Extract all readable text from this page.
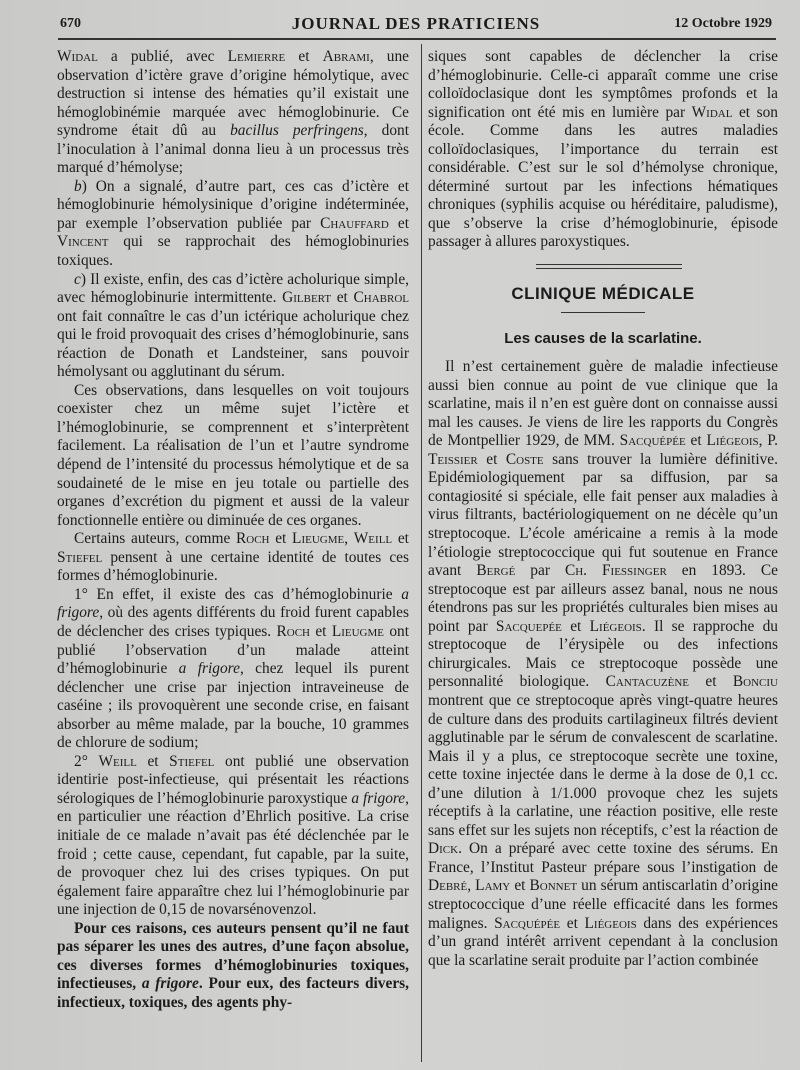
670	JOURNAL DES PRATICIENS	12 Octobre 1929

Widal a publié, avec Lemierre et Abrami, une observation d’ictère grave d’origine hémolytique, avec destruction si intense des hématies qu’il existait une hémoglobinémie marquée avec hémoglobinurie. Ce syndrome était dû au bacillus perfringens, dont l’inoculation à l’animal donna lieu à un processus très marqué d’hémolyse;

b) On a signalé, d’autre part, ces cas d’ictère et hémoglobinurie hémolysinique d’origine indéterminée, par exemple l’observation publiée par Chauffard et Vincent qui se rapprochait des hémoglobinuries toxiques.

c) Il existe, enfin, des cas d’ictère acholurique simple, avec hémoglobinurie intermittente. Gilbert et Chabrol ont fait connaître le cas d’un ictérique acholurique chez qui le froid provoquait des crises d’hémoglobinurie, sans réaction de Donath et Landsteiner, sans pouvoir hémolysant ou agglutinant du sérum.

Ces observations, dans lesquelles on voit toujours coexister chez un même sujet l’ictère et l’hémoglobinurie, se comprennent et s’interprètent facilement. La réalisation de l’un et l’autre syndrome dépend de l’intensité du processus hémolytique et de sa soudaineté de le mise en jeu totale ou partielle des organes d’excrétion du pigment et aussi de la valeur fonctionnelle entière ou diminuée de ces organes.

Certains auteurs, comme Roch et Lieugme, Weill et Stiefel pensent à une certaine identité de toutes ces formes d’hémoglobinurie.

1° En effet, il existe des cas d’hémoglobinurie a frigore, où des agents différents du froid furent capables de déclencher des crises typiques. Roch et Lieugme ont publié l’observation d’un malade atteint d’hémoglobinurie a frigore, chez lequel ils purent déclencher une crise par injection intraveineuse de caséine ; ils provoquèrent une seconde crise, en faisant absorber au même malade, par la bouche, 10 grammes de chlorure de sodium;

2° Weill et Stiefel ont publié une observation identirie post-infectieuse, qui présentait les réactions sérologiques de l’hémoglobinurie paroxystique a frigore, en particulier une réaction d’Ehrlich positive. La crise initiale de ce malade n’avait pas été déclenchée par le froid ; cette cause, cependant, fut capable, par la suite, de provoquer chez lui des crises typiques. On put également faire apparaître chez lui l’hémoglobinurie par une injection de 0,15 de novarsénovenzol.

Pour ces raisons, ces auteurs pensent qu’il ne faut pas séparer les unes des autres, d’une façon absolue, ces diverses formes d’hémoglobinuries toxiques, infectieuses, a frigore. Pour eux, des facteurs divers, infectieux, toxiques, des agents phy-

siques sont capables de déclencher la crise d’hémoglobinurie. Celle-ci apparaît comme une crise colloïdoclasique dont les symptômes profonds et la signification ont été mis en lumière par Widal et son école. Comme dans les autres maladies colloïdoclasiques, l’importance du terrain est considérable. C’est sur le sol d’hémolyse chronique, déterminé surtout par les infections hématiques chroniques (syphilis acquise ou héréditaire, paludisme), que s’observe la crise d’hémoglobinurie, épisode passager à allures paroxystiques.

CLINIQUE MÉDICALE
Les causes de la scarlatine.

Il n’est certainement guère de maladie infectieuse aussi bien connue au point de vue clinique que la scarlatine, mais il n’en est guère dont on connaisse aussi mal les causes. Je viens de lire les rapports du Congrès de Montpellier 1929, de MM. Sacquépée et Liégeois, P. Teissier et Coste sans trouver la lumière définitive. Epidémiologiquement par sa diffusion, par sa contagiosité si spéciale, elle fait penser aux maladies à virus filtrants, bactériologiquement on ne décèle qu’un streptocoque. L’école américaine a remis à la mode l’étiologie streptococcique qui fut soutenue en France avant Bergé par Ch. Fiessinger en 1893. Ce streptocoque est par ailleurs assez banal, nous ne nous étendrons pas sur les propriétés culturales bien mises au point par Sacquepée et Liégeois. Il se rapproche du streptocoque de l’érysipèle ou des infections chirurgicales. Mais ce streptocoque possède une personnalité biologique. Cantacuzène et Bonciu montrent que ce streptocoque après vingt-quatre heures de culture dans des produits cartilagineux filtrés devient agglutinable par le sérum de convalescent de scarlatine. Mais il y a plus, ce streptocoque secrète une toxine, cette toxine injectée dans le derme à la dose de 0,1 cc. d’une dilution à 1/1.000 provoque chez les sujets réceptifs à la carlatine, une réaction positive, elle reste sans effet sur les sujets non réceptifs, c’est la réaction de Dick. On a préparé avec cette toxine des sérums. En France, l’Institut Pasteur prépare sous l’instigation de Debré, Lamy et Bonnet un sérum antiscarlatin d’origine streptococcique d’une réelle efficacité dans les formes malignes. Sacquépée et Liégeois dans des expériences d’un grand intérêt arrivent cependant à la conclusion que la scarlatine serait produite par l’action combinée
